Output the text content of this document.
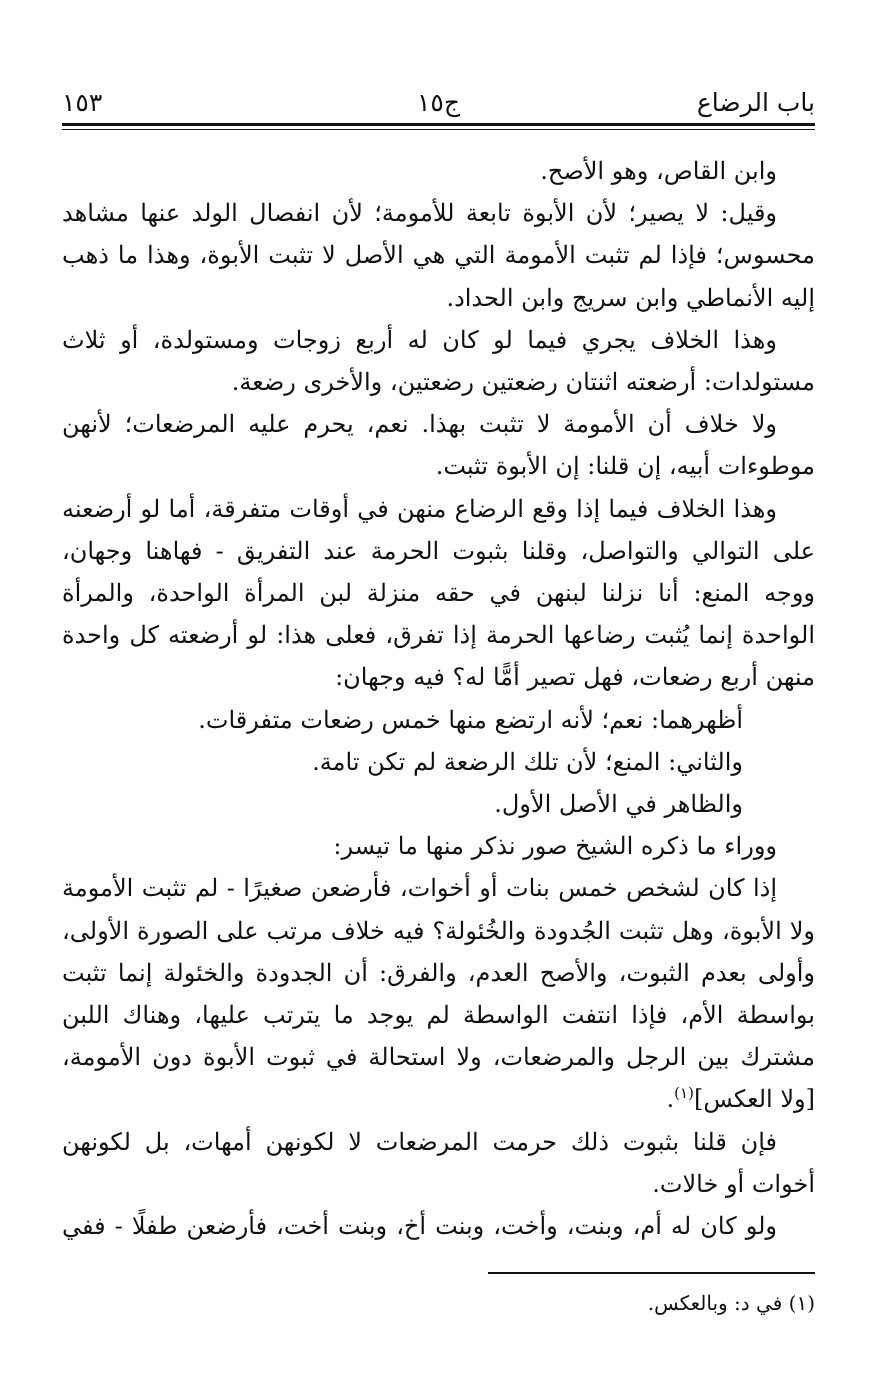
باب الرضاع
ج١٥
١٥٣

وابن القاص، وهو الأصح.

وقيل: لا يصير؛ لأن الأبوة تابعة للأمومة؛ لأن انفصال الولد عنها مشاهد محسوس؛ فإذا لم تثبت الأمومة التي هي الأصل لا تثبت الأبوة، وهذا ما ذهب إليه الأنماطي وابن سريج وابن الحداد.

وهذا الخلاف يجري فيما لو كان له أربع زوجات ومستولدة، أو ثلاث مستولدات: أرضعته اثنتان رضعتين رضعتين، والأخرى رضعة.

ولا خلاف أن الأمومة لا تثبت بهذا. نعم، يحرم عليه المرضعات؛ لأنهن موطوءات أبيه، إن قلنا: إن الأبوة تثبت.

وهذا الخلاف فيما إذا وقع الرضاع منهن في أوقات متفرقة، أما لو أرضعنه على التوالي والتواصل، وقلنا بثبوت الحرمة عند التفريق - فهاهنا وجهان، ووجه المنع: أنا نزلنا لبنهن في حقه منزلة لبن المرأة الواحدة، والمرأة الواحدة إنما يُثبت رضاعها الحرمة إذا تفرق، فعلى هذا: لو أرضعته كل واحدة منهن أربع رضعات، فهل تصير أمًّا له؟ فيه وجهان:

أظهرهما: نعم؛ لأنه ارتضع منها خمس رضعات متفرقات.

والثاني: المنع؛ لأن تلك الرضعة لم تكن تامة.

والظاهر في الأصل الأول.

ووراء ما ذكره الشيخ صور نذكر منها ما تيسر:

إذا كان لشخص خمس بنات أو أخوات، فأرضعن صغيرًا - لم تثبت الأمومة ولا الأبوة، وهل تثبت الجُدودة والخُئولة؟ فيه خلاف مرتب على الصورة الأولى، وأولى بعدم الثبوت، والأصح العدم، والفرق: أن الجدودة والخئولة إنما تثبت بواسطة الأم، فإذا انتفت الواسطة لم يوجد ما يترتب عليها، وهناك اللبن مشترك بين الرجل والمرضعات، ولا استحالة في ثبوت الأبوة دون الأمومة، [ولا العكس]$^{(١)}$.

فإن قلنا بثبوت ذلك حرمت المرضعات لا لكونهن أمهات، بل لكونهن أخوات أو خالات.

ولو كان له أم، وبنت، وأخت، وبنت أخ، وبنت أخت، فأرضعن طفلًا - ففي

(١) في د: وبالعكس.
